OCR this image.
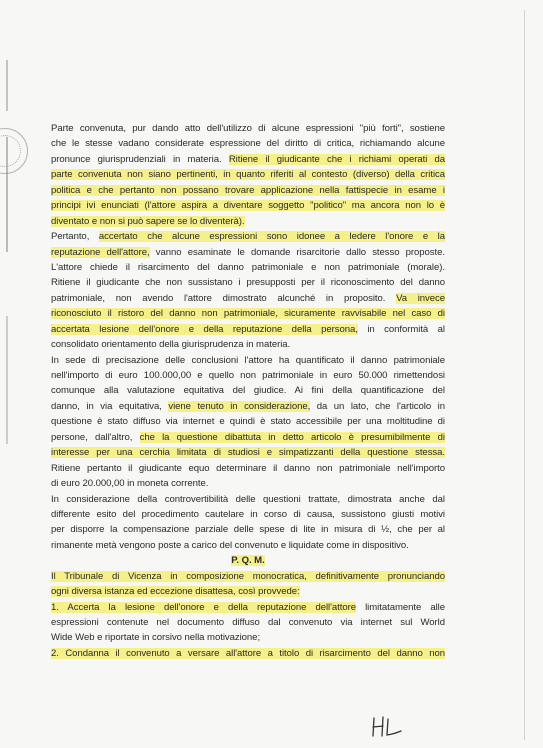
Parte convenuta, pur dando atto dell'utilizzo di alcune espressioni "più forti", sostiene
che le stesse vadano considerate espressione del diritto di critica, richiamando alcune
pronunce giurisprudenziali in materia. Ritiene il giudicante che i richiami operati da
parte convenuta non siano pertinenti, in quanto riferiti al contesto (diverso) della critica
politica e che pertanto non possano trovare applicazione nella fattispecie in esame i
principi ivi enunciati (l'attore aspira a diventare soggetto "politico" ma ancora non lo è
diventato e non si può sapere se lo diventerà).
Pertanto, accertato che alcune espressioni sono idonee a ledere l'onore e la
reputazione dell'attore, vanno esaminate le domande risarcitorie dallo stesso proposte.
L'attore chiede il risarcimento del danno patrimoniale e non patrimoniale (morale).
Ritiene il giudicante che non sussistano i presupposti per il riconoscimento del danno
patrimoniale, non avendo l'attore dimostrato alcunché in proposito. Va invece
riconosciuto il ristoro del danno non patrimoniale, sicuramente ravvisabile nel caso di
accertata lesione dell'onore e della reputazione della persona, in conformità al
consolidato orientamento della giurisprudenza in materia.
In sede di precisazione delle conclusioni l'attore ha quantificato il danno patrimoniale
nell'importo di euro 100.000,00 e quello non patrimoniale in euro 50.000 rimettendosi
comunque alla valutazione equitativa del giudice. Ai fini della quantificazione del
danno, in via equitativa, viene tenuto in considerazione, da un lato, che l'articolo in
questione è stato diffuso via internet e quindi è stato accessibile per una moltitudine di
persone, dall'altro, che la questione dibattuta in detto articolo è presumibilmente di
interesse per una cerchia limitata di studiosi e simpatizzanti della questione stessa.
Ritiene pertanto il giudicante equo determinare il danno non patrimoniale nell'importo
di euro 20.000,00 in moneta corrente.
In considerazione della controvertibilità delle questioni trattate, dimostrata anche dal
differente esito del procedimento cautelare in corso di causa, sussistono giusti motivi
per disporre la compensazione parziale delle spese di lite in misura di ½, che per al
rimanente metà vengono poste a carico del convenuto e liquidate come in dispositivo.
P. Q. M.
Il Tribunale di Vicenza in composizione monocratica, definitivamente pronunciando
ogni diversa istanza ed eccezione disattesa, così provvede:
1. Accerta la lesione dell'onore e della reputazione dell'attore limitatamente alle
espressioni contenute nel documento diffuso dal convenuto via internet sul World
Wide Web e riportate in corsivo nella motivazione;
2. Condanna il convenuto a versare all'attore a titolo di risarcimento del danno non
